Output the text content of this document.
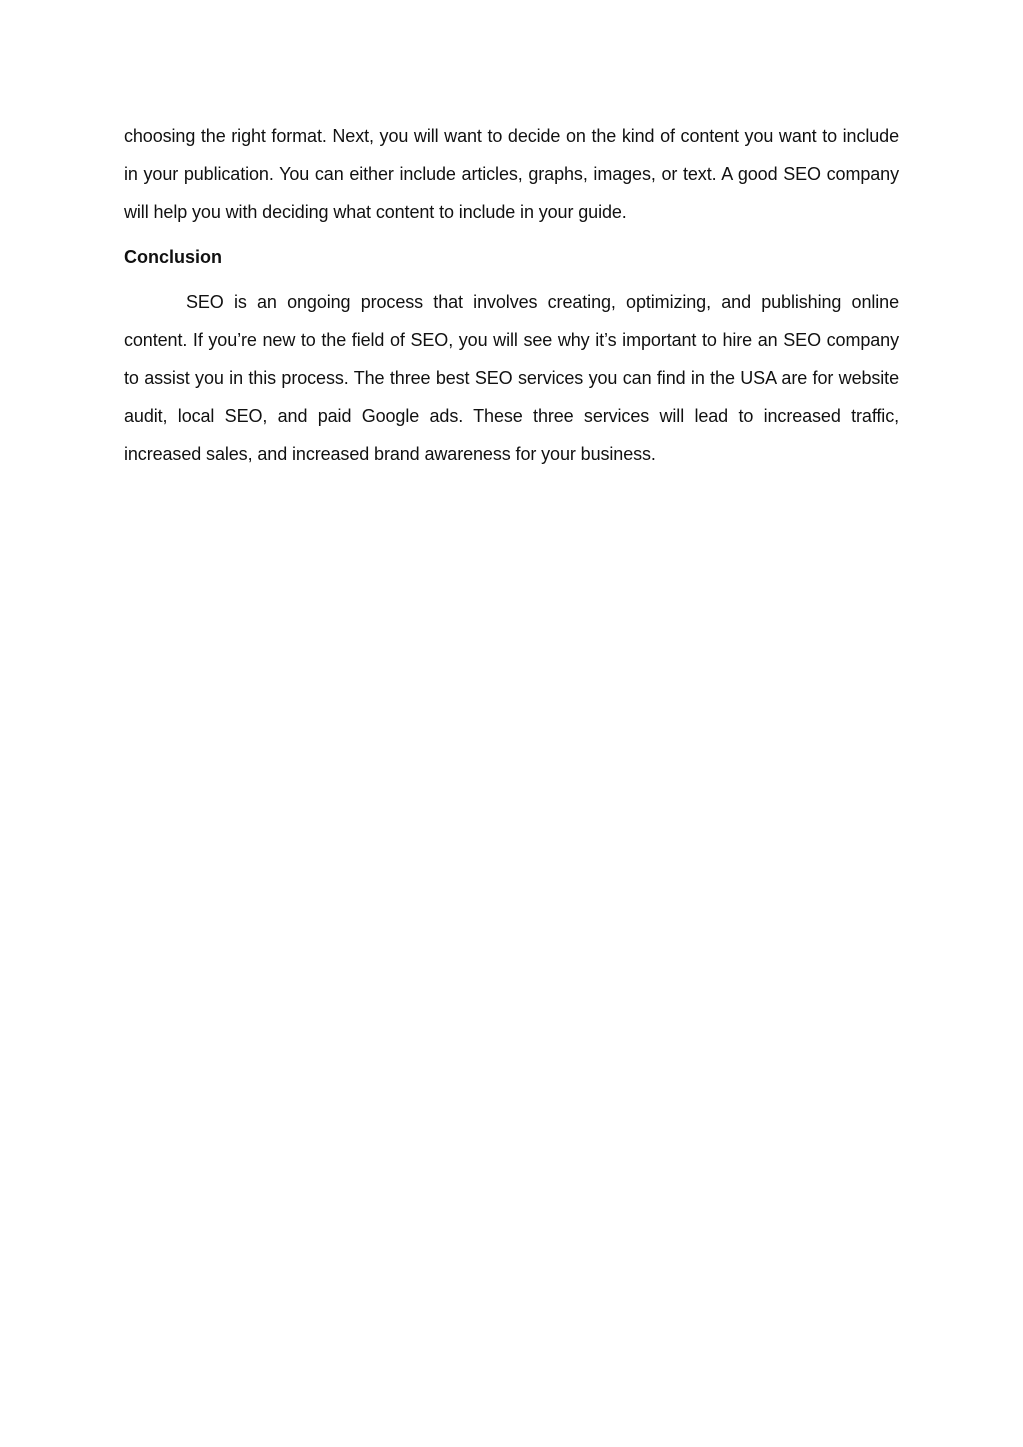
choosing the right format. Next, you will want to decide on the kind of content you want to include in your publication. You can either include articles, graphs, images, or text. A good SEO company will help you with deciding what content to include in your guide.

Conclusion

SEO is an ongoing process that involves creating, optimizing, and publishing online content. If you’re new to the field of SEO, you will see why it’s important to hire an SEO company to assist you in this process. The three best SEO services you can find in the USA are for website audit, local SEO, and paid Google ads. These three services will lead to increased traffic, increased sales, and increased brand awareness for your business.
